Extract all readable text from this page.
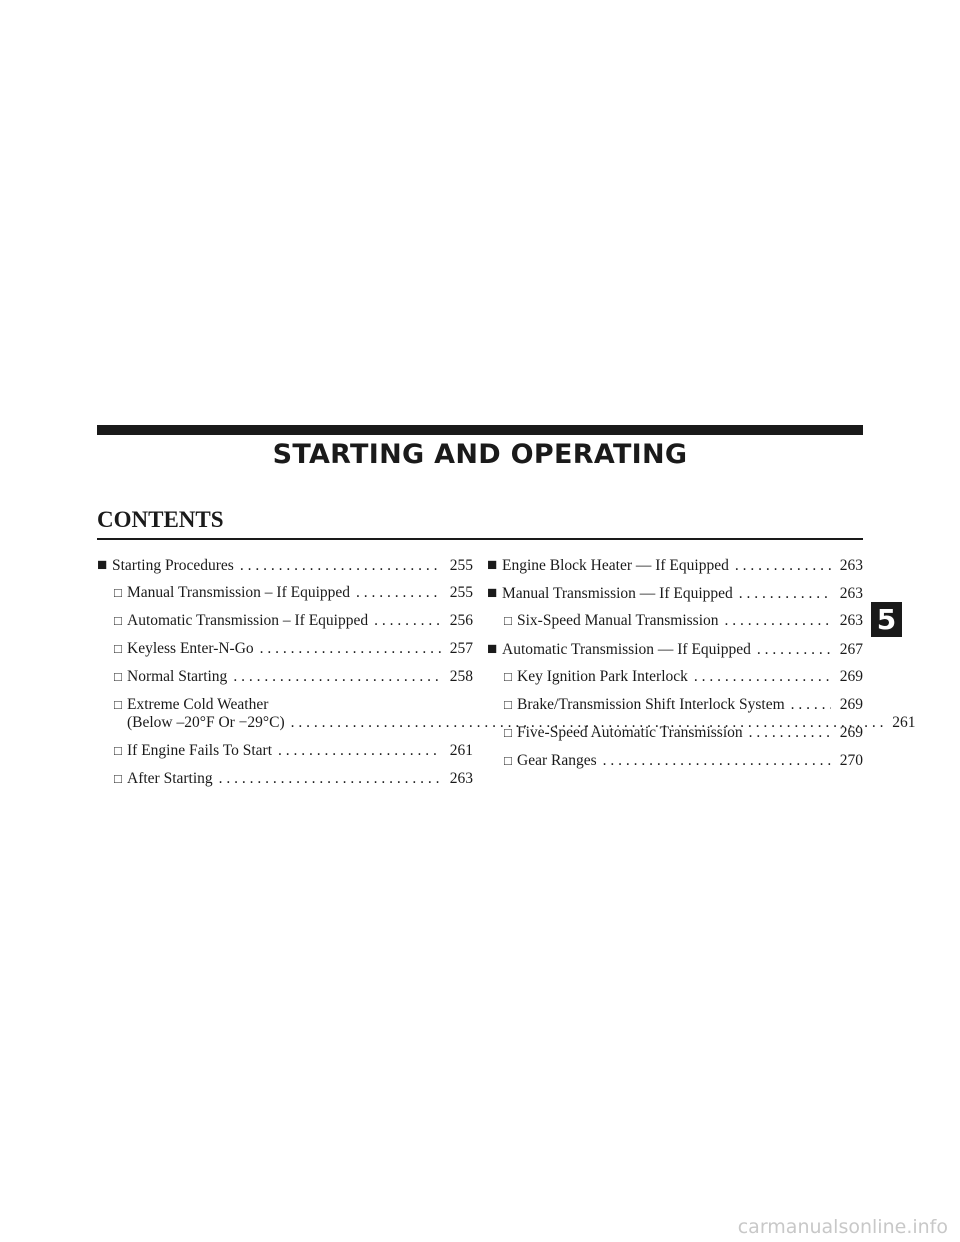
STARTING AND OPERATING
CONTENTS
■ Starting Procedures . . .	255
□ Manual Transmission – If Equipped . . .	255
□ Automatic Transmission – If Equipped . . .	256
□ Keyless Enter-N-Go . . .	257
□ Normal Starting . . .	258
□ Extreme Cold Weather
(Below –20°F Or −29°C) . . .	261
□ If Engine Fails To Start . . .	261
□ After Starting . . .	263
■ Engine Block Heater — If Equipped . . .	263
■ Manual Transmission — If Equipped . . .	263
□ Six-Speed Manual Transmission . . .	263
■ Automatic Transmission — If Equipped . . .	267
□ Key Ignition Park Interlock . . .	269
□ Brake/Transmission Shift Interlock System . . .	269
□ Five-Speed Automatic Transmission . . .	269
□ Gear Ranges . . .	270
5
carmanualsonline.info
